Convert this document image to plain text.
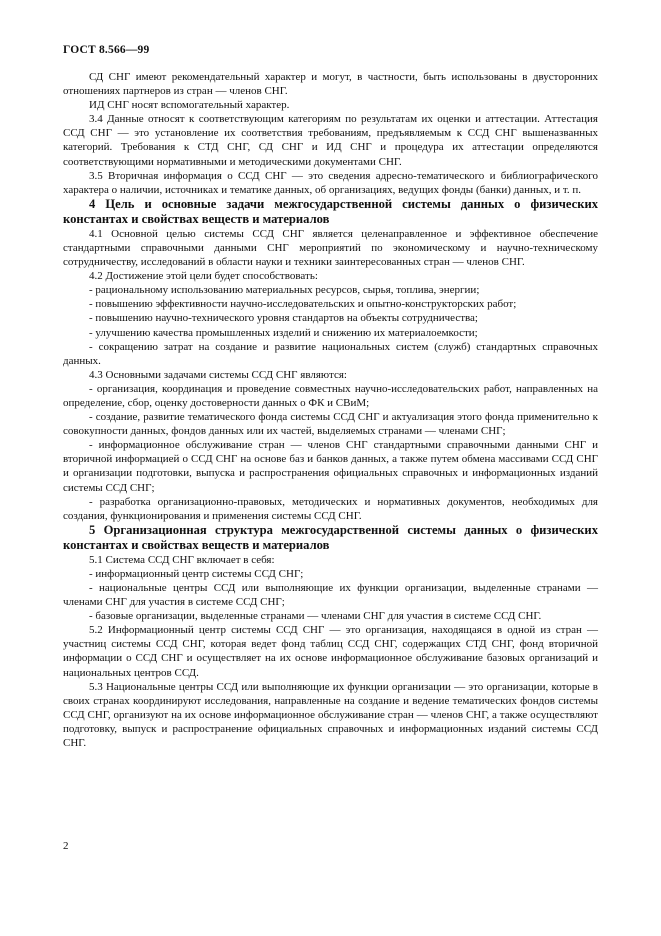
ГОСТ 8.566—99

СД СНГ имеют рекомендательный характер и могут, в частности, быть использованы в двусторонних отношениях партнеров из стран — членов СНГ.

ИД СНГ носят вспомогательный характер.

3.4 Данные относят к соответствующим категориям по результатам их оценки и аттестации. Аттестация ССД СНГ — это установление их соответствия требованиям, предъявляемым к ССД СНГ вышеназванных категорий. Требования к СТД СНГ, СД СНГ и ИД СНГ и процедура их аттестации определяются соответствующими нормативными и методическими документами СНГ.

3.5 Вторичная информация о ССД СНГ — это сведения адресно-тематического и библиографического характера о наличии, источниках и тематике данных, об организациях, ведущих фонды (банки) данных, и т. п.

4 Цель и основные задачи межгосударственной системы данных о физических константах и свойствах веществ и материалов

4.1 Основной целью системы ССД СНГ является целенаправленное и эффективное обеспечение стандартными справочными данными СНГ мероприятий по экономическому и научно-техническому сотрудничеству, исследований в области науки и техники заинтересованных стран — членов СНГ.

4.2 Достижение этой цели будет способствовать:

- рациональному использованию материальных ресурсов, сырья, топлива, энергии;

- повышению эффективности научно-исследовательских и опытно-конструкторских работ;

- повышению научно-технического уровня стандартов на объекты сотрудничества;

- улучшению качества промышленных изделий и снижению их материалоемкости;

- сокращению затрат на создание и развитие национальных систем (служб) стандартных справочных данных.

4.3 Основными задачами системы ССД СНГ являются:

- организация, координация и проведение совместных научно-исследовательских работ, направленных на определение, сбор, оценку достоверности данных о ФК и СВиМ;

- создание, развитие тематического фонда системы ССД СНГ и актуализация этого фонда применительно к совокупности данных, фондов данных или их частей, выделяемых странами — членами СНГ;

- информационное обслуживание стран — членов СНГ стандартными справочными данными СНГ и вторичной информацией о ССД СНГ на основе баз и банков данных, а также путем обмена массивами ССД СНГ и организации подготовки, выпуска и распространения официальных справочных и информационных изданий системы ССД СНГ;

- разработка организационно-правовых, методических и нормативных документов, необходимых для создания, функционирования и применения системы ССД СНГ.

5 Организационная структура межгосударственной системы данных о физических константах и свойствах веществ и материалов

5.1 Система ССД СНГ включает в себя:

- информационный центр системы ССД СНГ;

- национальные центры ССД или выполняющие их функции организации, выделенные странами — членами СНГ для участия в системе ССД СНГ;

- базовые организации, выделенные странами — членами СНГ для участия в системе ССД СНГ.

5.2 Информационный центр системы ССД СНГ — это организация, находящаяся в одной из стран — участниц системы ССД СНГ, которая ведет фонд таблиц ССД СНГ, содержащих СТД СНГ, фонд вторичной информации о ССД СНГ и осуществляет на их основе информационное обслуживание базовых организаций и национальных центров ССД.

5.3 Национальные центры ССД или выполняющие их функции организации — это организации, которые в своих странах координируют исследования, направленные на создание и ведение тематических фондов системы ССД СНГ, организуют на их основе информационное обслуживание стран — членов СНГ, а также осуществляют подготовку, выпуск и распространение официальных справочных и информационных изданий системы ССД СНГ.

2
